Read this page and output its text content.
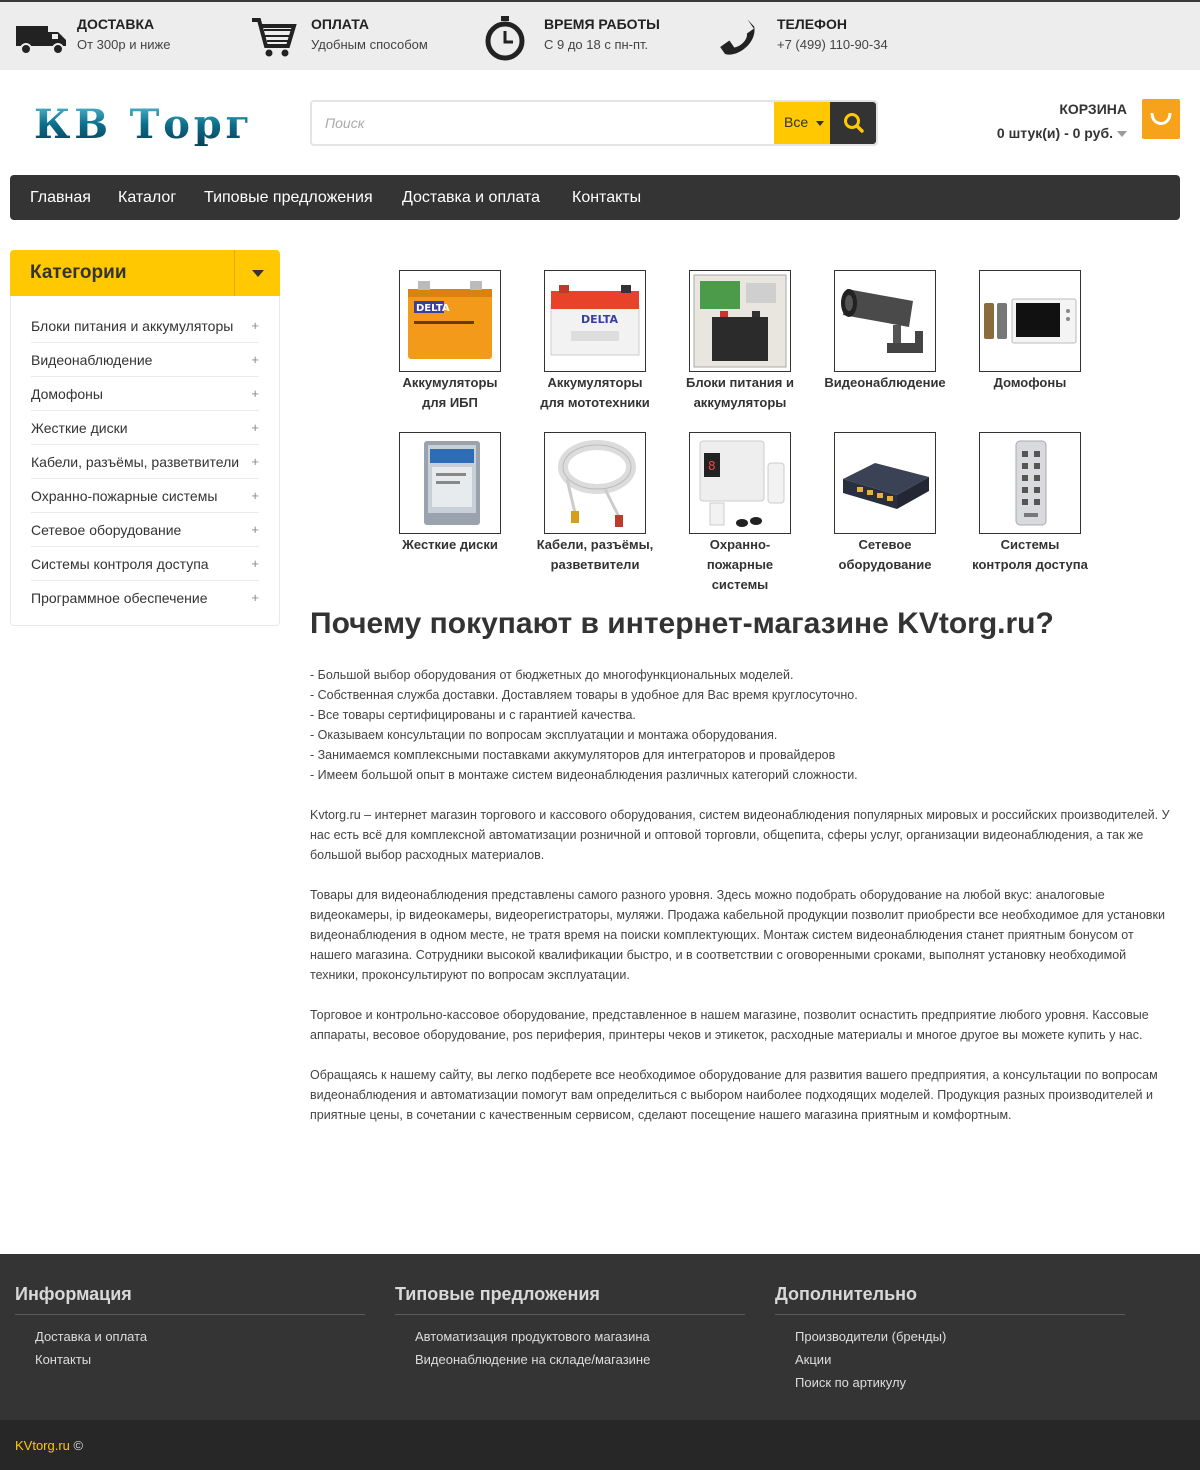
ДОСТАВКА
От 300р и ниже
ОПЛАТА
Удобным способом
ВРЕМЯ РАБОТЫ
С 9 до 18 с пн-пт.
ТЕЛЕФОН
+7 (499) 110-90-34
КВ Торг
Поиск	Все
КОРЗИНА
0 штук(и) - 0 руб.
Главная Каталог Типовые предложения Доставка и оплата Контакты
Категории
Блоки питания и аккумуляторы +
Видеонаблюдение	+
Домофоны	+
Жесткие диски	+
Кабели, разъёмы, разветвители +
Охранно-пожарные системы	+
Сетевое оборудование	+
Системы контроля доступа	+
Программное обеспечение	+
DELTA
Аккумуляторы
для ИБП
DELTA
Аккумуляторы
для мототехники
Блоки питания и
аккумуляторы
Видеонаблюдение	Домофоны
Жесткие диски	Кабели, разъёмы,
разветвители
8
Охранно-
пожарные
системы
Сетевое
оборудование
Системы
контроля доступа
Почему покупают в интернет-магазине KVtorg.ru?

- Большой выбор оборудования от бюджетных до многофункциональных моделей.
- Собственная служба доставки. Доставляем товары в удобное для Вас время круглосуточно.
- Все товары сертифицированы и с гарантией качества.
- Оказываем консультации по вопросам эксплуатации и монтажа оборудования.
- Занимаемся комплексными поставками аккумуляторов для интеграторов и провайдеров
- Имеем большой опыт в монтаже систем видеонаблюдения различных категорий сложности.

Kvtorg.ru – интернет магазин торгового и кассового оборудования, систем видеонаблюдения популярных мировых и российских производителей. У нас есть всё для комплексной автоматизации розничной и оптовой торговли, общепита, сферы услуг, организации видеонаблюдения, а так же большой выбор расходных материалов.

Товары для видеонаблюдения представлены самого разного уровня. Здесь можно подобрать оборудование на любой вкус: аналоговые видеокамеры, ip видеокамеры, видеорегистраторы, муляжи. Продажа кабельной продукции позволит приобрести все необходимое для установки видеонаблюдения в одном месте, не тратя время на поиски комплектующих. Монтаж систем видеонаблюдения станет приятным бонусом от нашего магазина. Сотрудники высокой квалификации быстро, и в соответствии с оговоренными сроками, выполнят установку необходимой техники, проконсультируют по вопросам эксплуатации.

Торговое и контрольно-кассовое оборудование, представленное в нашем магазине, позволит оснастить предприятие любого уровня. Кассовые аппараты, весовое оборудование, pos периферия, принтеры чеков и этикеток, расходные материалы и многое другое вы можете купить у нас.

Обращаясь к нашему сайту, вы легко подберете все необходимое оборудование для развития вашего предприятия, а консультации по вопросам видеонаблюдения и автоматизации помогут вам определиться с выбором наиболее подходящих моделей. Продукция разных производителей и приятные цены, в сочетании с качественным сервисом, сделают посещение нашего магазина приятным и комфортным.

Информация
Доставка и оплата
Контакты
Типовые предложения
Автоматизация продуктового магазина
Видеонаблюдение на складе/магазине
Дополнительно
Производители (бренды)
Акции
Поиск по артикулу
KVtorg.ru ©
